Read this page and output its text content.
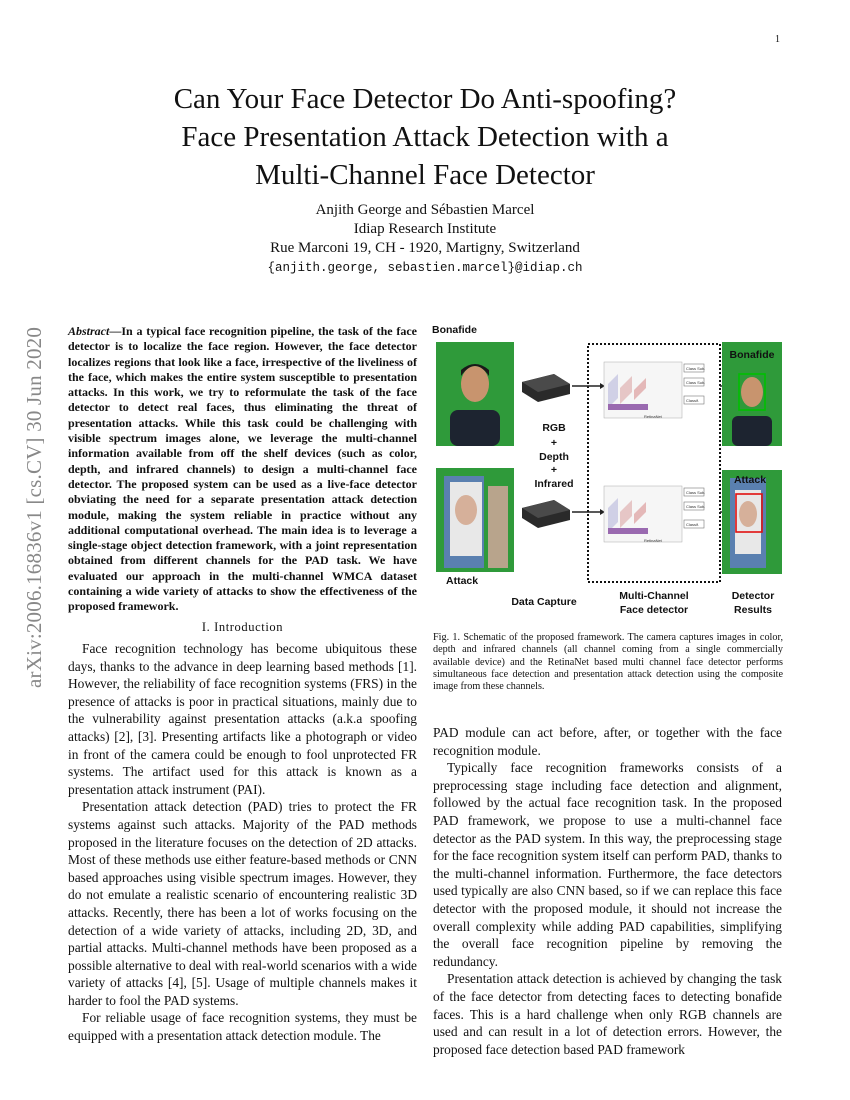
1
Can Your Face Detector Do Anti-spoofing?
Face Presentation Attack Detection with a
Multi-Channel Face Detector
Anjith George and Sébastien Marcel
Idiap Research Institute
Rue Marconi 19, CH - 1920, Martigny, Switzerland
{anjith.george, sebastien.marcel}@idiap.ch
arXiv:2006.16836v1 [cs.CV] 30 Jun 2020 Abstract—In a typical face recognition pipeline, the task of the face detector is to localize the face region. However, the face detector localizes regions that look like a face, irrespective of the liveliness of the face, which makes the entire system susceptible to presentation attacks. In this work, we try to reformulate the task of the face detector to detect real faces, thus eliminating the threat of presentation attacks. While this task could be challenging with visible spectrum images alone, we leverage the multi-channel information available from off the shelf devices (such as color, depth, and infrared channels) to design a multi-channel face detector. The proposed system can be used as a live-face detector obviating the need for a separate presentation attack detection module, making the system reliable in practice without any additional computational overhead. The main idea is to leverage a single-stage object detection framework, with a joint representation obtained from different channels for the PAD task. We have evaluated our approach in the multi-channel WMCA dataset containing a wide variety of attacks to show the effectiveness of the proposed framework.
I. Introduction

Face recognition technology has become ubiquitous these days, thanks to the advance in deep learning based methods [1]. However, the reliability of face recognition systems (FRS) in the presence of attacks is poor in practical situations, mainly due to the vulnerability against presentation attacks (a.k.a spoofing attacks) [2], [3]. Presenting artifacts like a photograph or video in front of the camera could be enough to fool unprotected FR systems. The artifact used for this attack is known as a presentation attack instrument (PAI).

Presentation attack detection (PAD) tries to protect the FR systems against such attacks. Majority of the PAD methods proposed in the literature focuses on the detection of 2D attacks. Most of these methods use either feature-based methods or CNN based approaches using visible spectrum images. However, they do not emulate a realistic scenario of encountering realistic 3D attacks. Recently, there has been a lot of works focusing on the detection of a wide variety of attacks, including 2D, 3D, and partial attacks. Multi-channel methods have been proposed as a possible alternative to deal with real-world scenarios with a wide variety of attacks [4], [5]. Usage of multiple channels makes it harder to fool the PAD systems.

For reliable usage of face recognition systems, they must be equipped with a presentation attack detection module. The

PAD module can act before, after, or together with the face recognition module.

Typically face recognition frameworks consists of a preprocessing stage including face detection and alignment, followed by the actual face recognition task. In the proposed PAD framework, we propose to use a multi-channel face detector as the PAD system. In this way, the preprocessing stage for the face recognition system itself can perform PAD, thanks to the multi-channel information. Furthermore, the face detectors used typically are also CNN based, so if we can replace this face detector with the proposed module, it should not increase the overall complexity while adding PAD capabilities, simplifying the overall face recognition pipeline by removing the redundancy.

Presentation attack detection is achieved by changing the task of the face detector from detecting faces to detecting bonafide faces. This is a hard challenge when only RGB channels are used and can result in a lot of detection errors. However, the proposed face detection based PAD framework

Bonafide
Attack
RGB
+
Depth
+
Infrared
Class Sub.
Class Sub.
Classif.
RetinaNet
Class Sub.
Class Sub.
Classif.
RetinaNet
Bonafide
Attack
Data Capture	Multi-Channel
Face detector
Detector
Results
Fig. 1. Schematic of the proposed framework. The camera captures images in color, depth and infrared channels (all channel coming from a single commercially available device) and the RetinaNet based multi channel face detector performs simultaneous face detection and presentation attack detection using the composite image from these channels.
